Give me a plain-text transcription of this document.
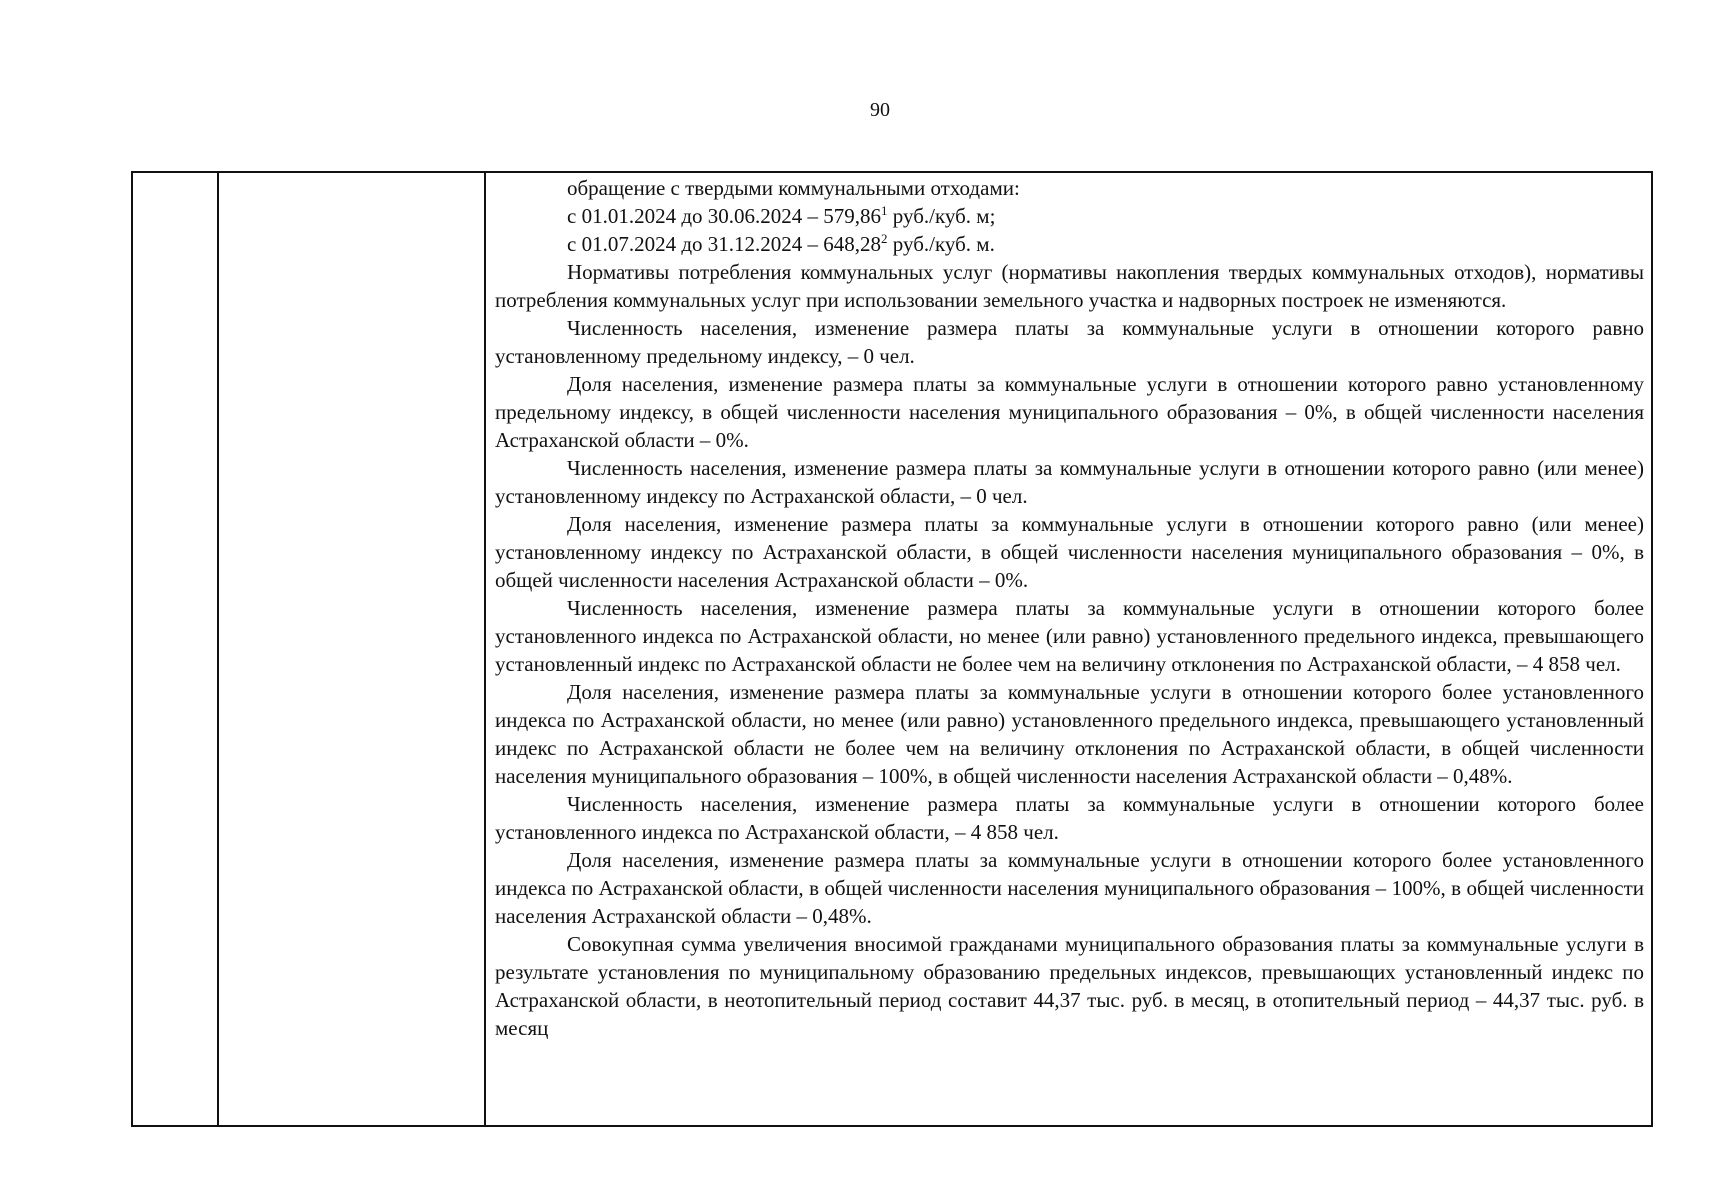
90

обращение с твердыми коммунальными отходами:

с 01.01.2024 до 30.06.2024 – 579,86$^1$ руб./куб. м;

с 01.07.2024 до 31.12.2024 – 648,28$^2$ руб./куб. м.

Нормативы потребления коммунальных услуг (нормативы накопления твердых коммунальных отходов), нормативы потребления коммунальных услуг при использовании земельного участка и надворных построек не изменяются.

Численность населения, изменение размера платы за коммунальные услуги в отношении которого равно установленному предельному индексу, – 0 чел.

Доля населения, изменение размера платы за коммунальные услуги в отношении которого равно установленному предельному индексу, в общей численности населения муниципального образования – 0%, в общей численности населения Астраханской области – 0%.

Численность населения, изменение размера платы за коммунальные услуги в отношении которого равно (или менее) установленному индексу по Астраханской области, – 0 чел.

Доля населения, изменение размера платы за коммунальные услуги в отношении которого равно (или менее) установленному индексу по Астраханской области, в общей численности населения муниципального образования – 0%, в общей численности населения Астраханской области – 0%.

Численность населения, изменение размера платы за коммунальные услуги в отношении которого более установленного индекса по Астраханской области, но менее (или равно) установленного предельного индекса, превышающего установленный индекс по Астраханской области не более чем на величину отклонения по Астраханской области, – 4 858 чел.

Доля населения, изменение размера платы за коммунальные услуги в отношении которого более установленного индекса по Астраханской области, но менее (или равно) установленного предельного индекса, превышающего установленный индекс по Астраханской области не более чем на величину отклонения по Астраханской области, в общей численности населения муниципального образования – 100%, в общей численности населения Астраханской области – 0,48%.

Численность населения, изменение размера платы за коммунальные услуги в отношении которого более установленного индекса по Астраханской области, – 4 858 чел.

Доля населения, изменение размера платы за коммунальные услуги в отношении которого более установленного индекса по Астраханской области, в общей численности населения муниципального образования – 100%, в общей численности населения Астраханской области – 0,48%.

Совокупная сумма увеличения вносимой гражданами муниципального образования платы за коммунальные услуги в результате установления по муниципальному образованию предельных индексов, превышающих установленный индекс по Астраханской области, в неотопительный период составит 44,37 тыс. руб. в месяц, в отопительный период – 44,37 тыс. руб. в месяц
